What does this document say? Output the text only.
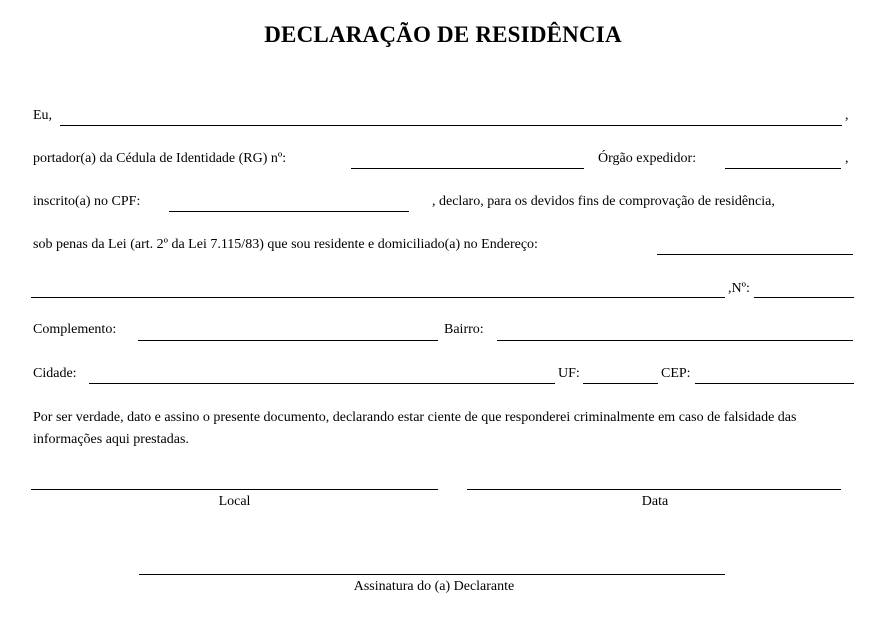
DECLARAÇÃO DE RESIDÊNCIA
Eu,	,
portador(a) da Cédula de Identidade (RG) nº:	Órgão expedidor:	,
inscrito(a) no CPF:	, declaro, para os devidos fins de comprovação de residência,
sob penas da Lei (art. 2º da Lei 7.115/83) que sou residente e domiciliado(a) no Endereço:
,Nº:
Complemento:	Bairro:
Cidade:	UF:	CEP:
Por ser verdade, dato e assino o presente documento, declarando estar ciente de que responderei criminalmente em caso de falsidade das informações aqui prestadas.
Local	Data
Assinatura do (a) Declarante
